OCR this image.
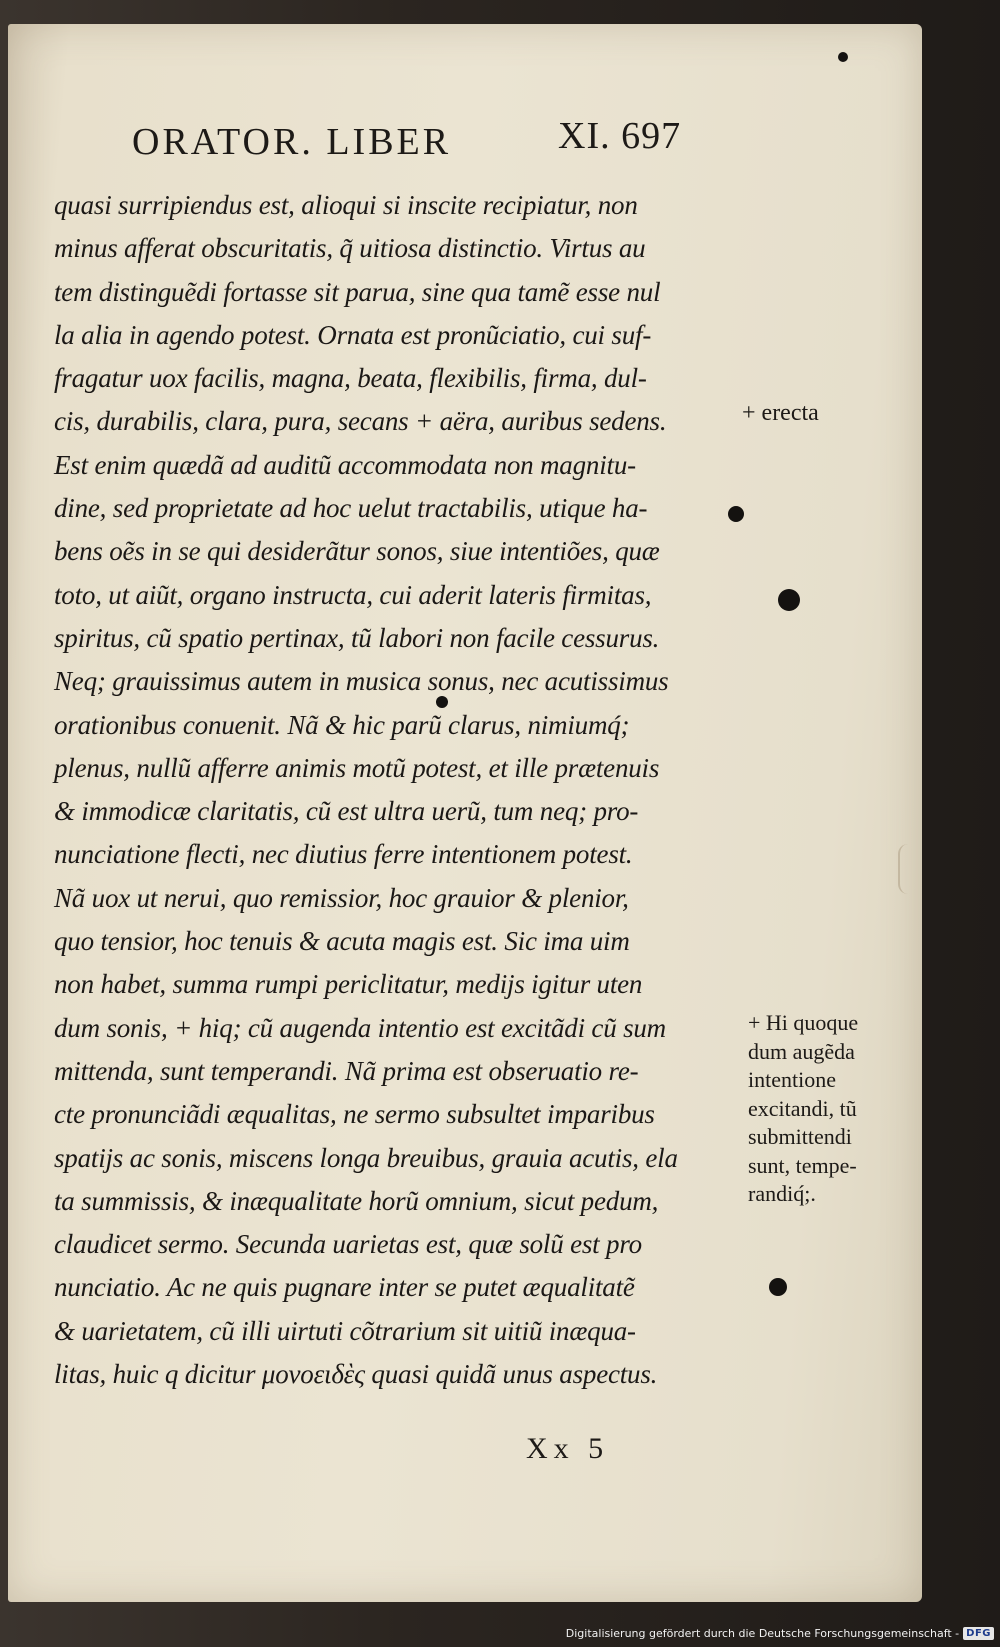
ORATOR. LIBER	XI. 697
quasi surripiendus est, alioqui si inscite recipiatur, non
minus afferat obscuritatis, q̃ uitiosa distinctio. Virtus au
tem distinguẽdi fortasse sit parua, sine qua tamẽ esse nul
la alia in agendo potest. Ornata est pronũciatio, cui suf-
fragatur uox facilis, magna, beata, flexibilis, firma, dul-
cis, durabilis, clara, pura, secans + aëra, auribus sedens.
Est enim quædã ad auditũ accommodata non magnitu-
dine, sed proprietate ad hoc uelut tractabilis, utique ha-
bens oẽs in se qui desiderãtur sonos, siue intentiões, quæ
toto, ut aiũt, organo instructa, cui aderit lateris firmitas,
spiritus, cũ spatio pertinax, tũ labori non facile cessurus.
Neq; grauissimus autem in musica sonus, nec acutissimus
orationibus conuenit. Nã & hic parũ clarus, nimiumq́;
plenus, nullũ afferre animis motũ potest, et ille prætenuis
& immodicæ claritatis, cũ est ultra uerũ, tum neq; pro-
nunciatione flecti, nec diutius ferre intentionem potest.
Nã uox ut nerui, quo remissior, hoc grauior & plenior,
quo tensior, hoc tenuis & acuta magis est. Sic ima uim
non habet, summa rumpi periclitatur, medijs igitur uten
dum sonis, + hiq; cũ augenda intentio est excitãdi cũ sum
mittenda, sunt temperandi. Nã prima est obseruatio re-
cte pronunciãdi æqualitas, ne sermo subsultet imparibus
spatijs ac sonis, miscens longa breuibus, grauia acutis, ela
ta summissis, & inæqualitate horũ omnium, sicut pedum,
claudicet sermo. Secunda uarietas est, quæ solũ est pro
nunciatio. Ac ne quis pugnare inter se putet æqualitatẽ
& uarietatem, cũ illi uirtuti cõtrarium sit uitiũ inæqua-
litas, huic q dicitur μονοειδὲς quasi quidã unus aspectus.
+ erecta
+ Hi quoque
dum augẽda
intentione
excitandi, tũ
submittendi
sunt, tempe-
randiq́;.
Xx 5
Digitalisierung gefördert durch die Deutsche Forschungsgemeinschaft - DFG
